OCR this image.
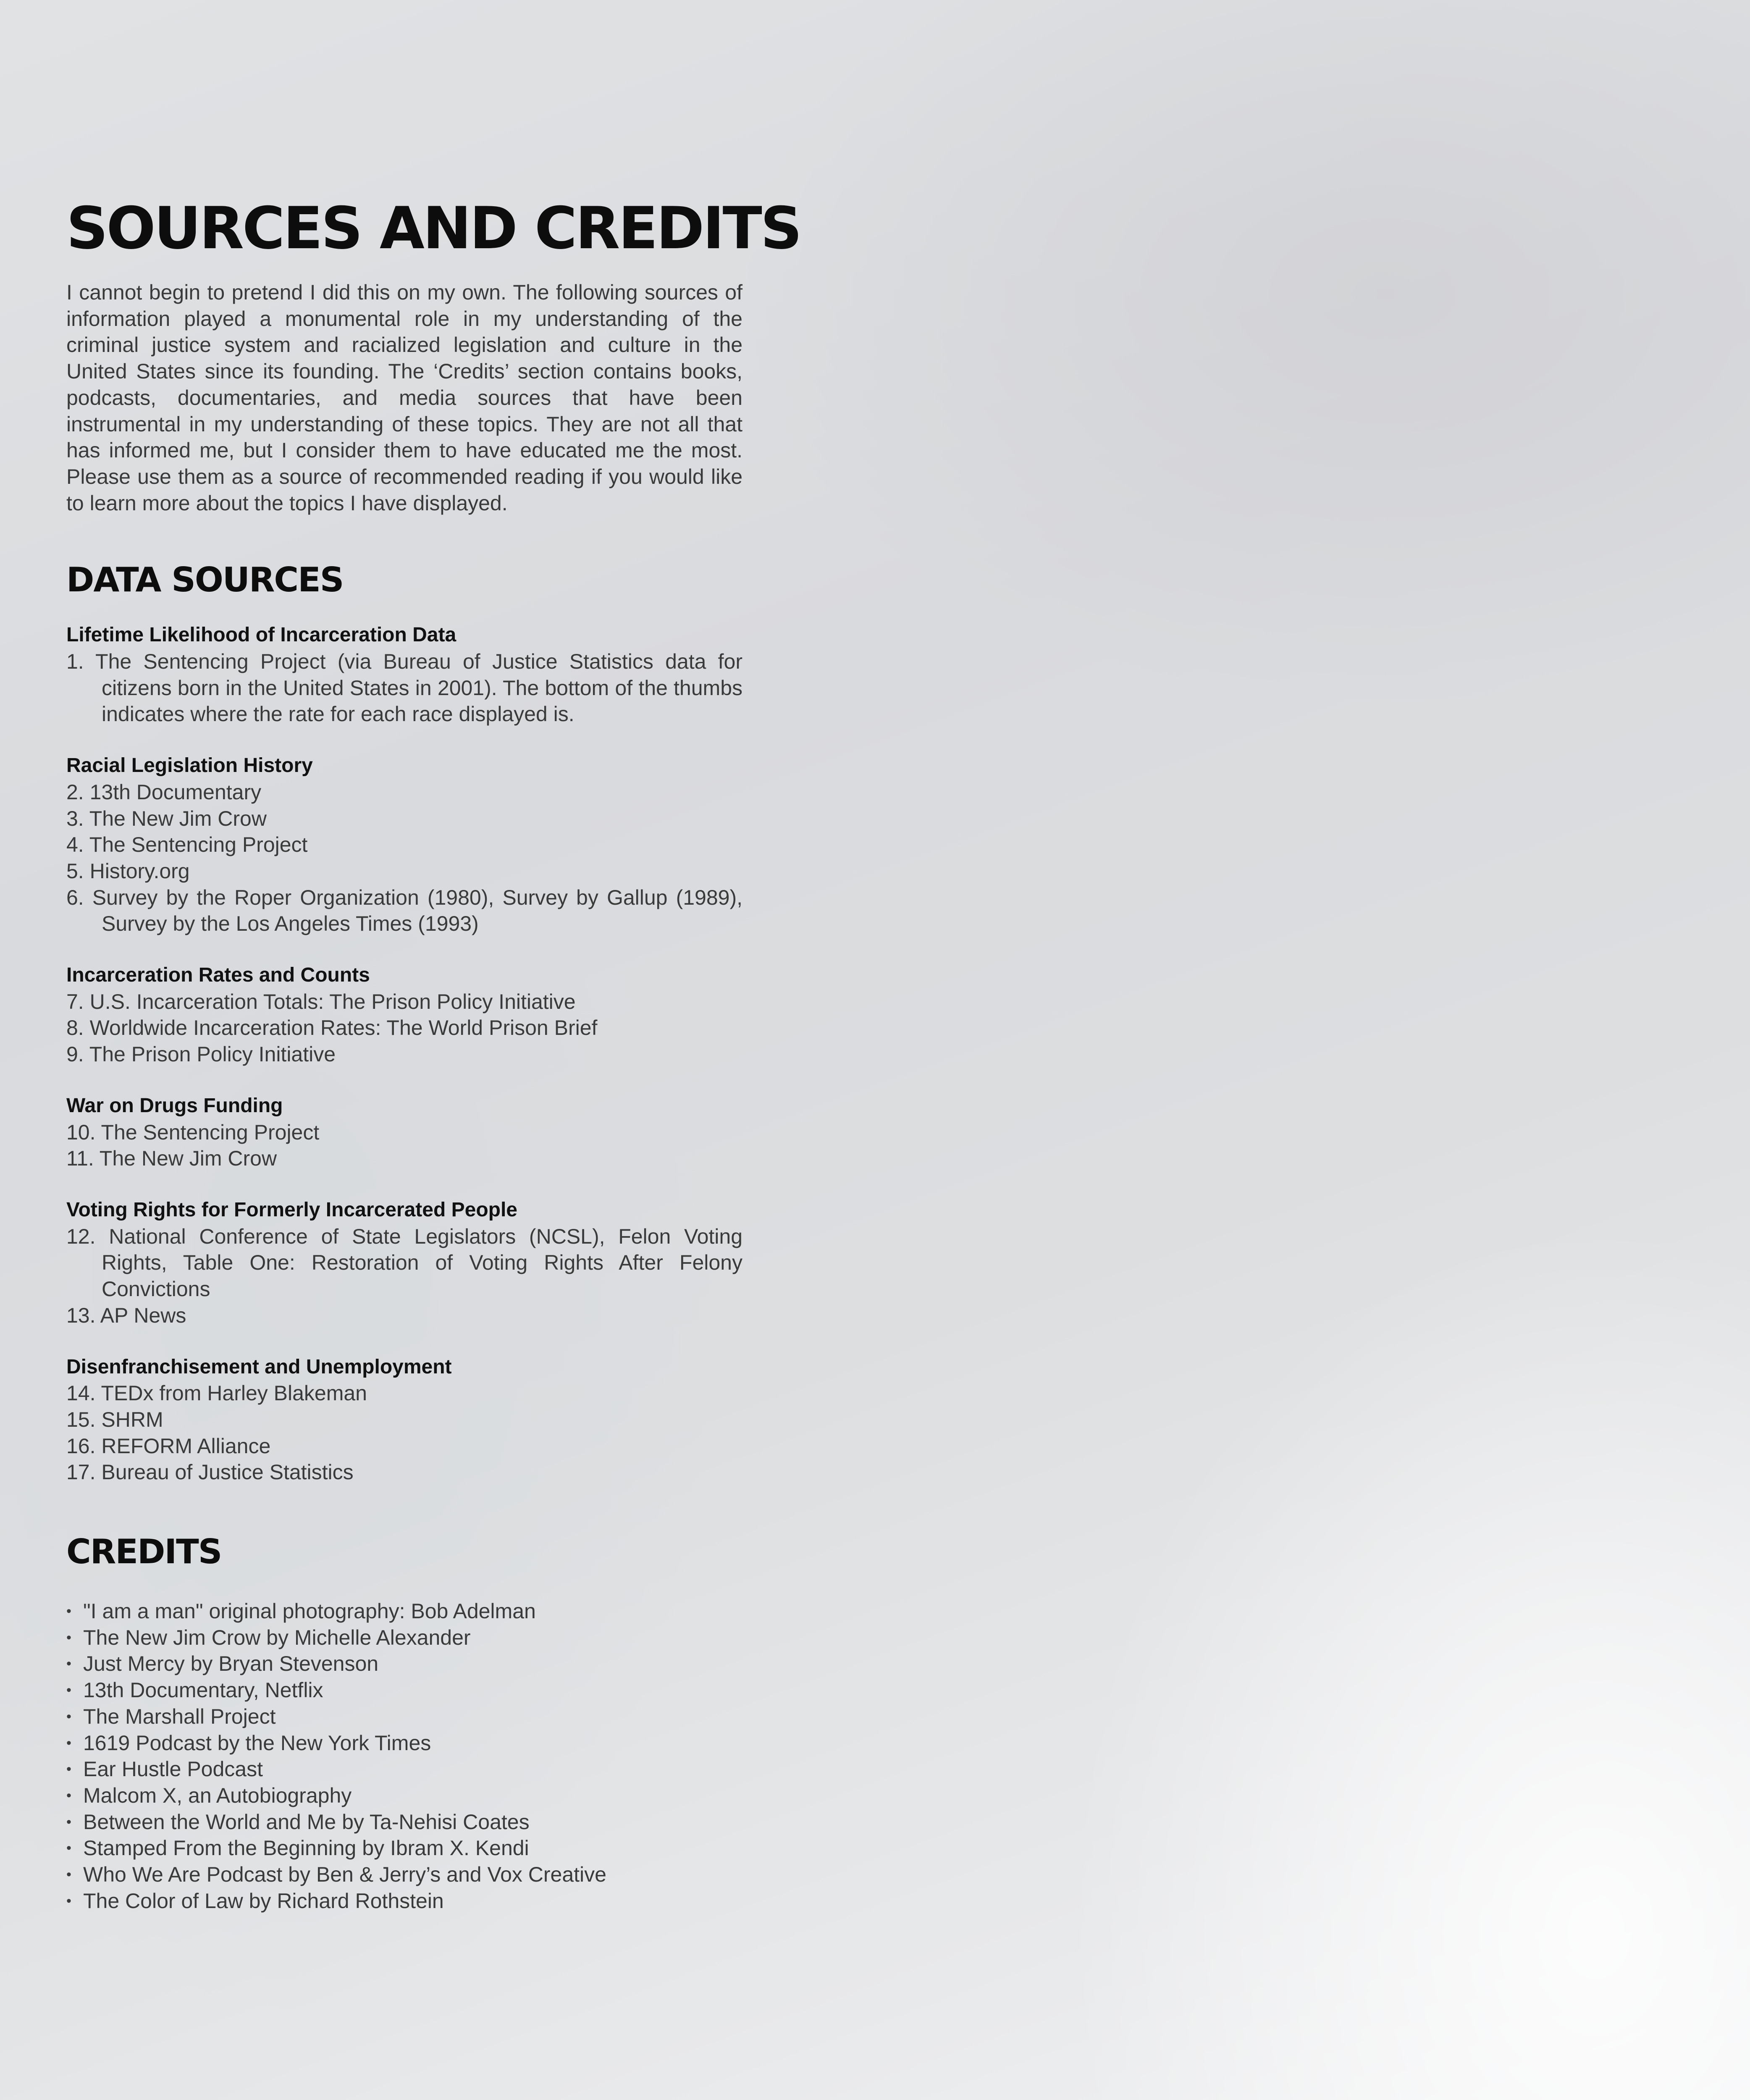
SOURCES AND CREDITS

I cannot begin to pretend I did this on my own. The following sources of information played a monumental role in my understanding of the criminal justice system and racialized legislation and culture in the United States since its founding. The ‘Credits’ section contains books, podcasts, documentaries, and media sources that have been instrumental in my understanding of these topics. They are not all that has informed me, but I consider them to have educated me the most. Please use them as a source of recommended reading if you would like to learn more about the topics I have displayed.

DATA SOURCES
Lifetime Likelihood of Incarceration Data
1. The Sentencing Project (via Bureau of Justice Statistics data for citizens born in the United States in 2001). The bottom of the thumbs indicates where the rate for each race displayed is.
Racial Legislation History
2. 13th Documentary
3. The New Jim Crow
4. The Sentencing Project
5. History.org
6. Survey by the Roper Organization (1980), Survey by Gallup (1989), Survey by the Los Angeles Times (1993)
Incarceration Rates and Counts
7. U.S. Incarceration Totals: The Prison Policy Initiative
8. Worldwide Incarceration Rates: The World Prison Brief
9. The Prison Policy Initiative
War on Drugs Funding
10. The Sentencing Project
11. The New Jim Crow
Voting Rights for Formerly Incarcerated People
12. National Conference of State Legislators (NCSL), Felon Voting Rights, Table One: Restoration of Voting Rights After Felony Convictions
13. AP News
Disenfranchisement and Unemployment
14. TEDx from Harley Blakeman
15. SHRM
16. REFORM Alliance
17. Bureau of Justice Statistics
CREDITS
• "I am a man" original photography: Bob Adelman
• The New Jim Crow by Michelle Alexander
• Just Mercy by Bryan Stevenson
• 13th Documentary, Netflix
• The Marshall Project
• 1619 Podcast by the New York Times
• Ear Hustle Podcast
• Malcom X, an Autobiography
• Between the World and Me by Ta-Nehisi Coates
• Stamped From the Beginning by Ibram X. Kendi
• Who We Are Podcast by Ben & Jerry’s and Vox Creative
• The Color of Law by Richard Rothstein
